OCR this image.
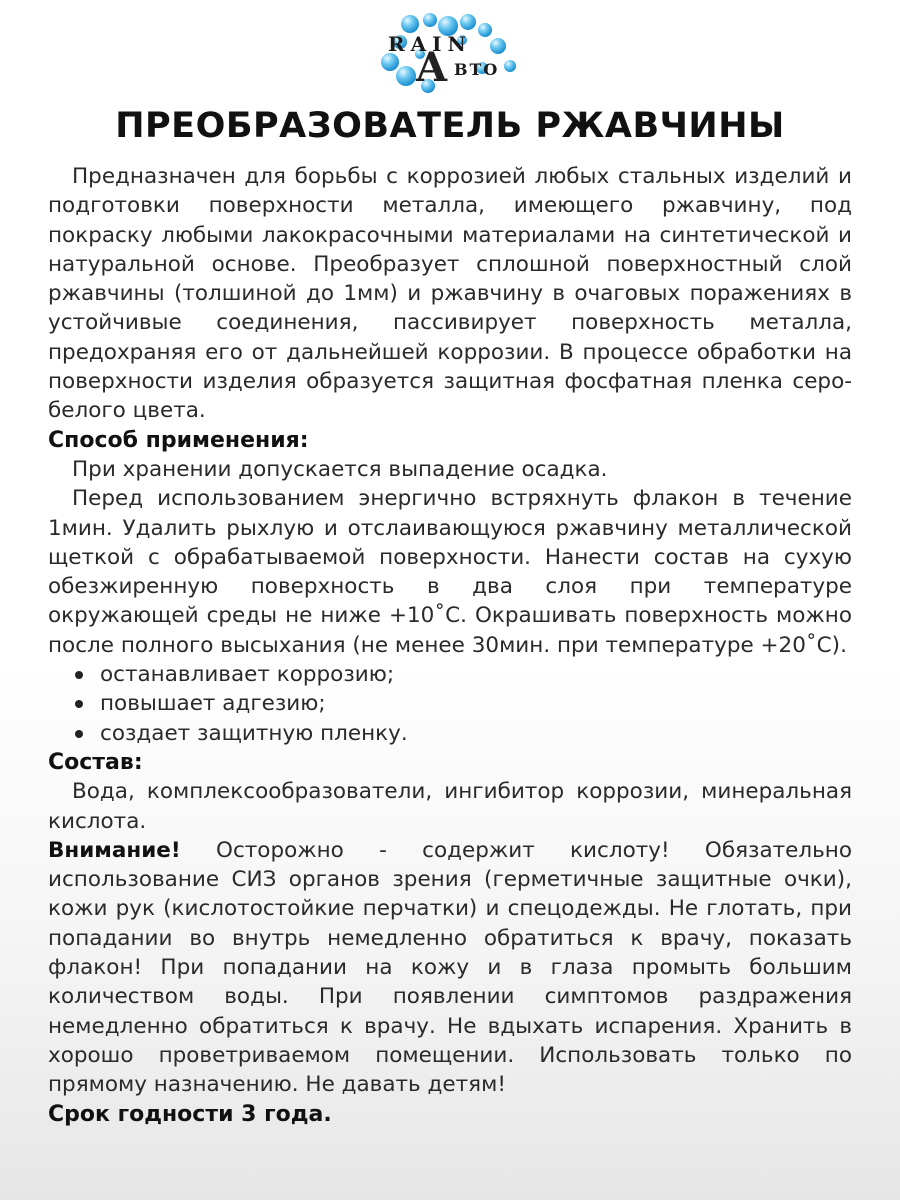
RAIN
A BTO
ПРЕОБРАЗОВАТЕЛЬ РЖАВЧИНЫ

Предназначен для борьбы с коррозией любых стальных изделий и подготовки поверхности металла, имеющего ржавчину, под покраску любыми лакокрасочными материалами на синтетической и натуральной основе. Преобразует сплошной поверхностный слой ржавчины (толшиной до 1мм) и ржавчину в очаговых поражениях в устойчивые соединения, пассивирует поверхность металла, предохраняя его от дальнейшей коррозии. В процессе обработки на поверхности изделия образуется защитная фосфатная пленка серо-белого цвета.

Способ применения:

При хранении допускается выпадение осадка.

Перед использованием энергично встряхнуть флакон в течение 1мин. Удалить рыхлую и отслаивающуюся ржавчину металлической щеткой с обрабатываемой поверхности. Нанести состав на сухую обезжиренную поверхность в два слоя при температуре окружающей среды не ниже +10˚С. Окрашивать поверхность можно после полного высыхания (не менее 30мин. при температуре +20˚С).

останавливает коррозию;
повышает адгезию;
создает защитную пленку.

Состав:

Вода, комплексообразователи, ингибитор коррозии, минеральная кислота.

Внимание! Осторожно - содержит кислоту! Обязательно использование СИЗ органов зрения (герметичные защитные очки), кожи рук (кислотостойкие перчатки) и спецодежды. Не глотать, при попадании во внутрь немедленно обратиться к врачу, показать флакон! При попадании на кожу и в глаза промыть большим количеством воды. При появлении симптомов раздражения немедленно обратиться к врачу. Не вдыхать испарения. Хранить в хорошо проветриваемом помещении. Использовать только по прямому назначению. Не давать детям!

Срок годности 3 года.
